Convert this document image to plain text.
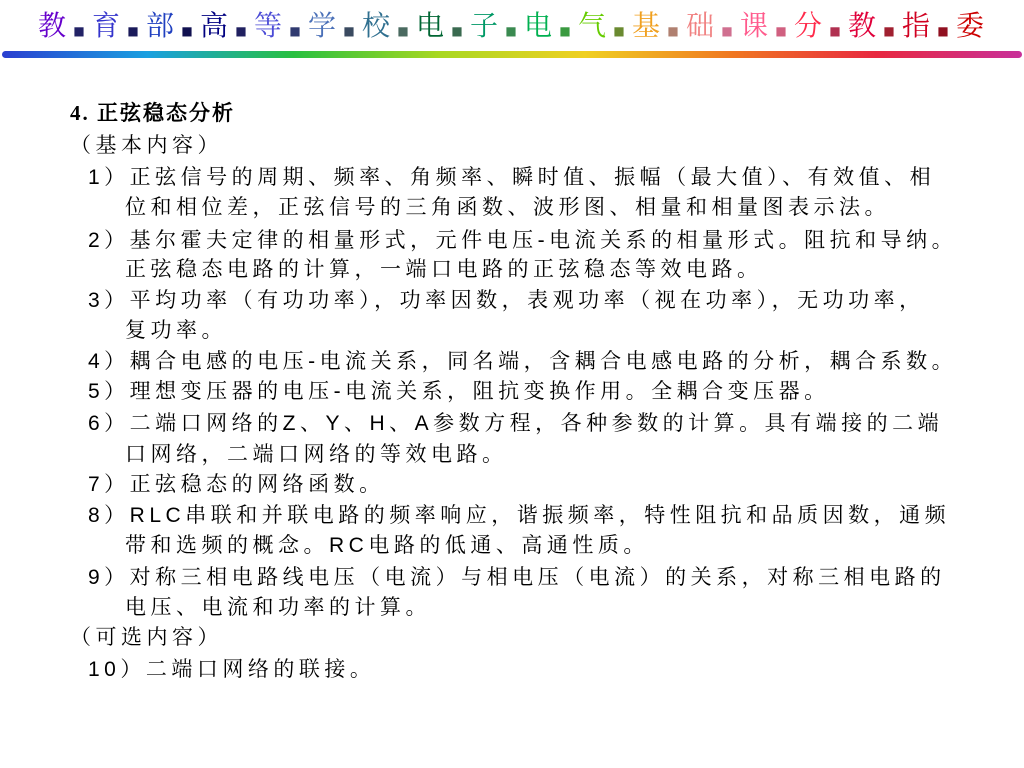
教 ■ 育 ■ 部 ■ 高 ■ 等 ■ 学 ■ 校 ■ 电 ■ 子 ■ 电 ■ 气 ■ 基 ■ 础 ■ 课 ■ 分 ■ 教 ■ 指 ■ 委
4. 正弦稳态分析
（基本内容）
1）正弦信号的周期、频率、角频率、瞬时值、振幅（最大值）、有效值、相
位和相位差，正弦信号的三角函数、波形图、相量和相量图表示法。
2）基尔霍夫定律的相量形式，元件电压-电流关系的相量形式。阻抗和导纳。
正弦稳态电路的计算，一端口电路的正弦稳态等效电路。
3）平均功率（有功功率），功率因数，表观功率（视在功率），无功功率，
复功率。
4）耦合电感的电压-电流关系，同名端，含耦合电感电路的分析，耦合系数。
5）理想变压器的电压-电流关系，阻抗变换作用。全耦合变压器。
6）二端口网络的Z、Y、H、A参数方程，各种参数的计算。具有端接的二端
口网络，二端口网络的等效电路。
7）正弦稳态的网络函数。
8）RLC串联和并联电路的频率响应，谐振频率，特性阻抗和品质因数，通频
带和选频的概念。RC电路的低通、高通性质。
9）对称三相电路线电压（电流）与相电压（电流）的关系，对称三相电路的
电压、电流和功率的计算。
（可选内容）
10）二端口网络的联接。
